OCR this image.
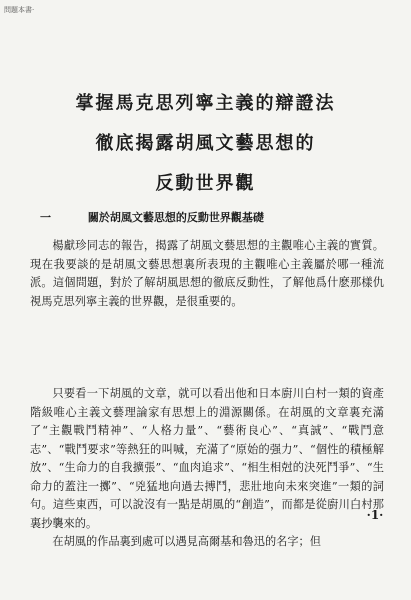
問題本書·
掌握馬克思列寧主義的辯證法
徹底揭露胡風文藝思想的
反動世界觀
一	關於胡風文藝思想的反動世界觀基礎

楊獻珍同志的報告，揭露了胡風文藝思想的主觀唯心主義的實質。現在我要談的是胡風文藝思想裏所表現的主觀唯心主義屬於哪一種流派。這個問題，對於了解胡風思想的徹底反動性，了解他爲什麽那樣仇視馬克思列寧主義的世界觀，是很重要的。

只要看一下胡風的文章，就可以看出他和日本廚川白村一類的資產階級唯心主義文藝理論家有思想上的淵源關係。在胡風的文章裏充滿了“主觀戰鬥精神”、“人格力量”、“藝術良心”、“真誠”、“戰鬥意志”、“戰鬥要求”等熱狂的叫喊，充滿了“原始的强力”、“個性的積極解放”、“生命力的自我擴張”、“血肉追求”、“相生相尅的決死鬥爭”、“生命力的蓋注一擲”、“兇猛地向過去搏鬥，悲壯地向未來突進”一類的詞句。這些東西，可以說沒有一點是胡風的“創造”，而都是從廚川白村那裏抄襲來的。

在胡風的作品裏到處可以遇見高爾基和魯迅的名字；但

·1·
